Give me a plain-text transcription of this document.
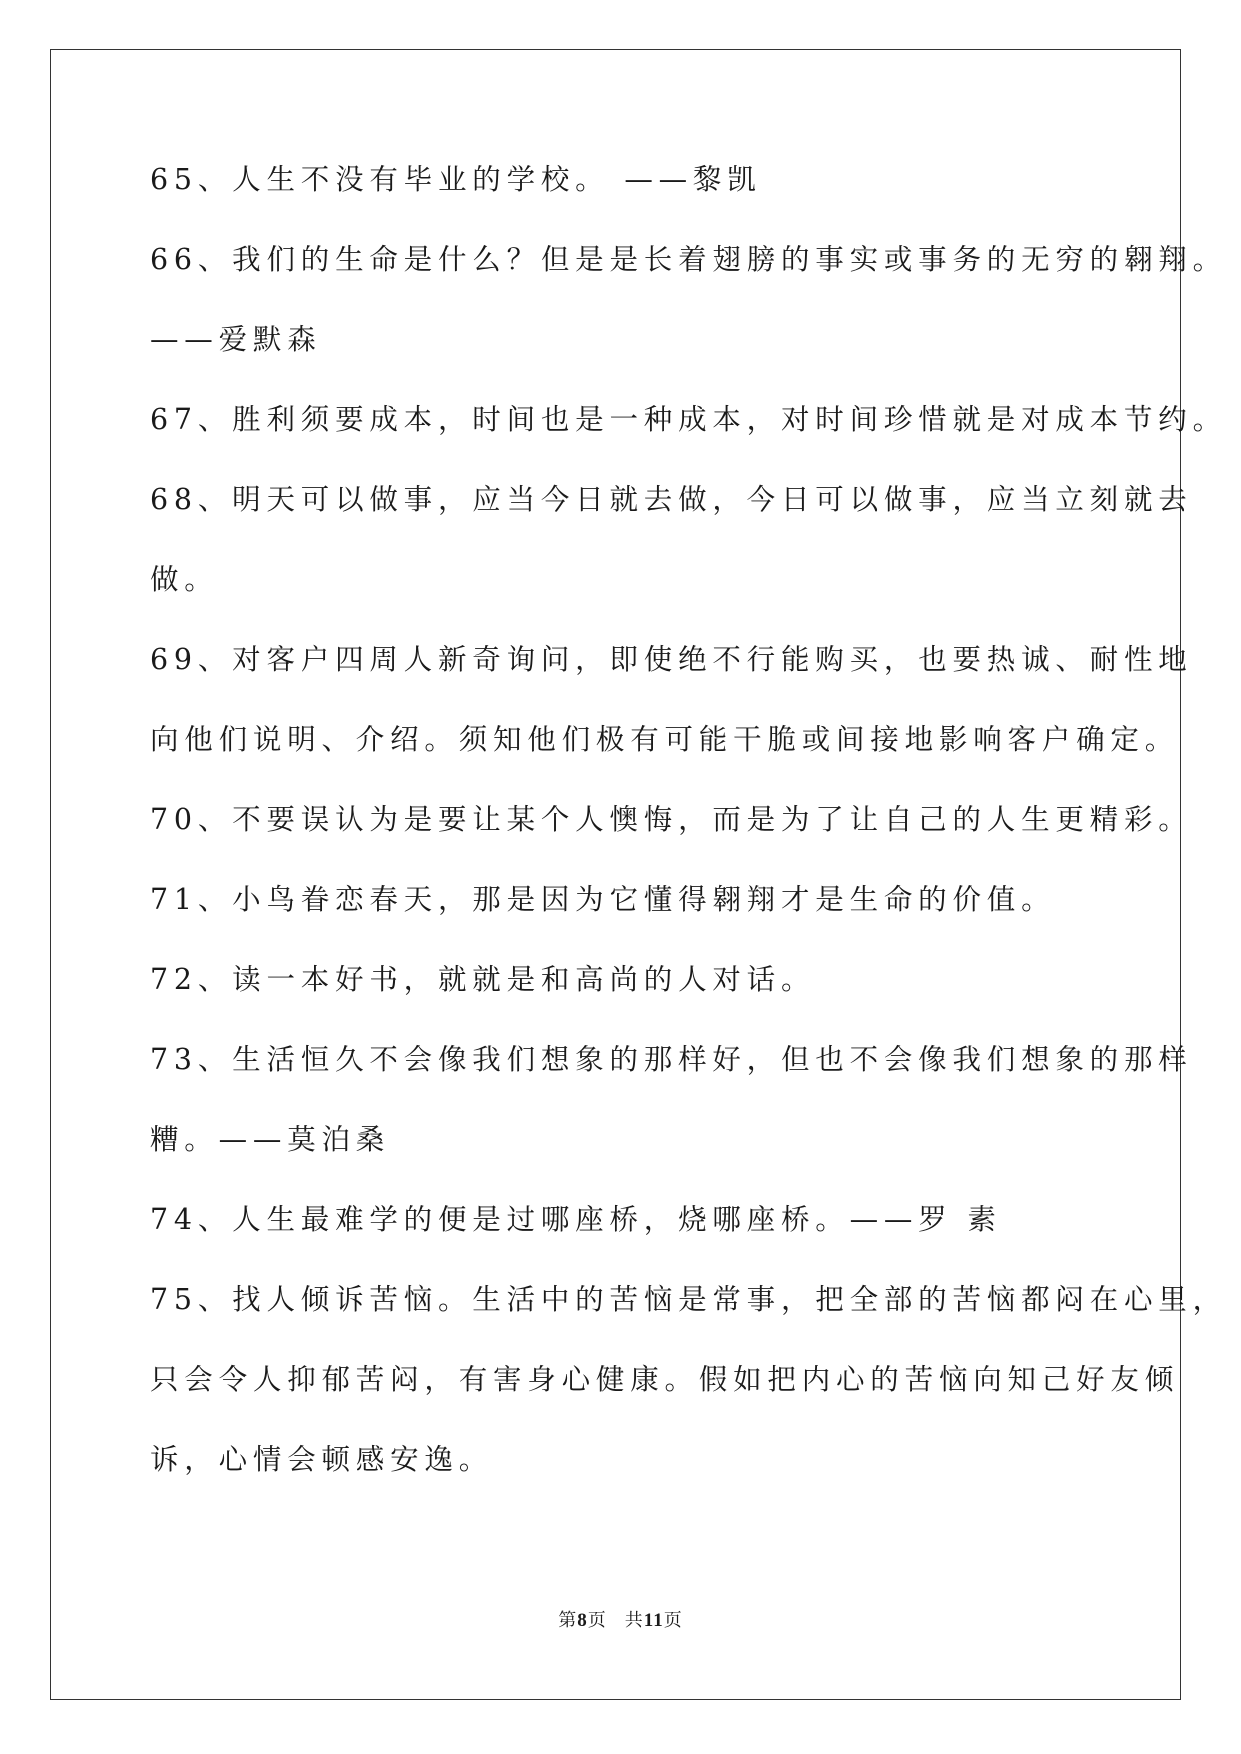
65、人生不没有毕业的学校。 ——黎凯
66、我们的生命是什么？但是是长着翅膀的事实或事务的无穷的翱翔。
——爱默森
67、胜利须要成本，时间也是一种成本，对时间珍惜就是对成本节约。
68、明天可以做事，应当今日就去做，今日可以做事，应当立刻就去
做。
69、对客户四周人新奇询问，即使绝不行能购买，也要热诚、耐性地
向他们说明、介绍。须知他们极有可能干脆或间接地影响客户确定。
70、不要误认为是要让某个人懊悔，而是为了让自己的人生更精彩。
71、小鸟眷恋春天，那是因为它懂得翱翔才是生命的价值。
72、读一本好书，就就是和高尚的人对话。
73、生活恒久不会像我们想象的那样好，但也不会像我们想象的那样
糟。——莫泊桑
74、人生最难学的便是过哪座桥，烧哪座桥。——罗 素
75、找人倾诉苦恼。生活中的苦恼是常事，把全部的苦恼都闷在心里，
只会令人抑郁苦闷，有害身心健康。假如把内心的苦恼向知己好友倾
诉，心情会顿感安逸。
第8页 共11页
